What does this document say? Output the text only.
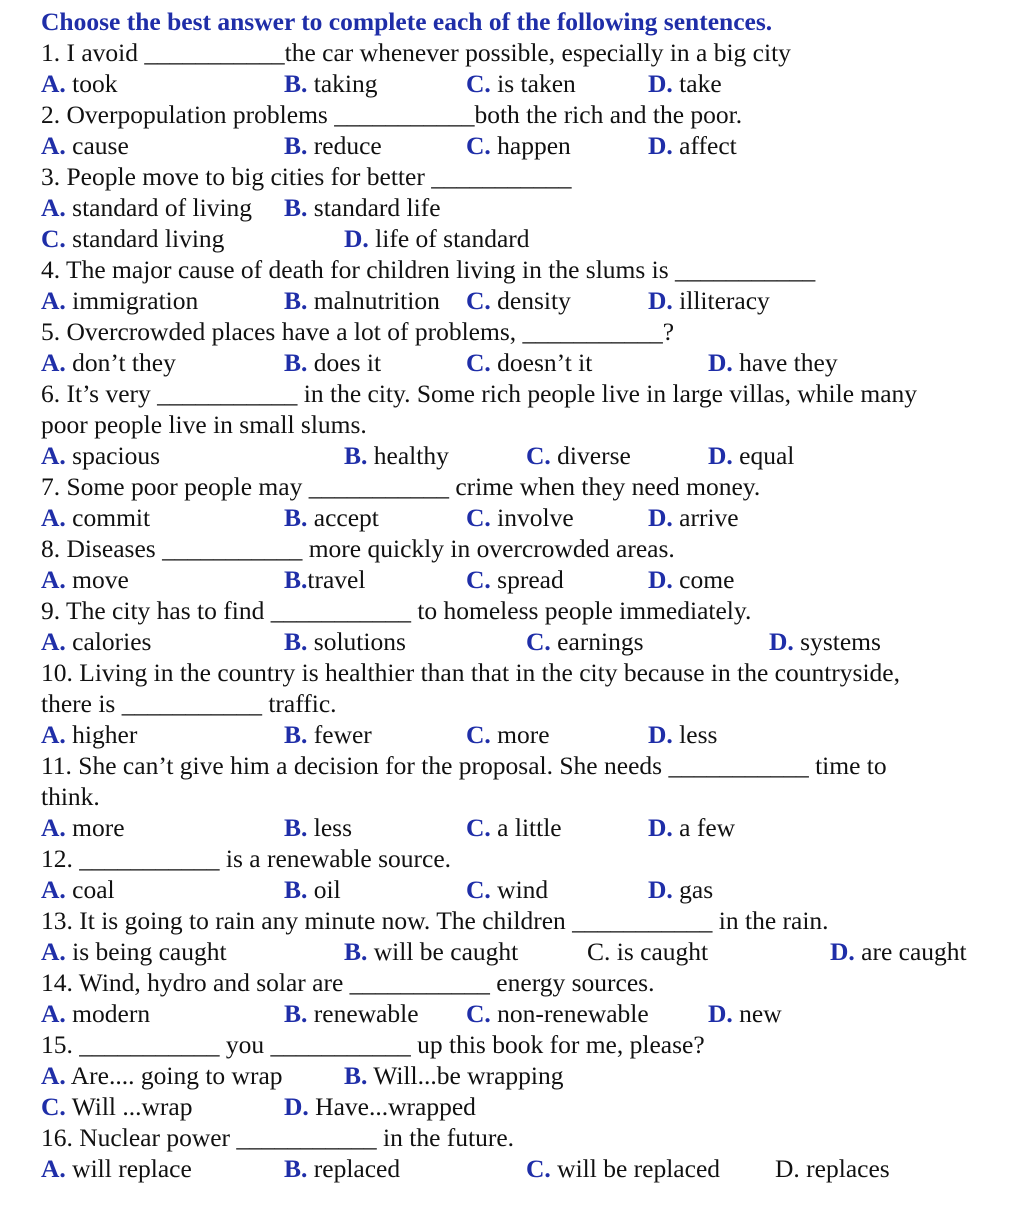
Choose the best answer to complete each of the following sentences.
1. I avoid ___________the car whenever possible, especially in a big city
A. took	B. taking	C. is taken	D. take
2. Overpopulation problems ___________both the rich and the poor.
A. cause	B. reduce	C. happen	D. affect
3. People move to big cities for better ___________
A. standard of living B. standard life
C. standard living	D. life of standard
4. The major cause of death for children living in the slums is ___________
A. immigration	B. malnutrition C. density	D. illiteracy
5. Overcrowded places have a lot of problems, ___________?
A. don’t they	B. does it	C. doesn’t it	D. have they
6. It’s very ___________ in the city. Some rich people live in large villas, while many
poor people live in small slums.
A. spacious	B. healthy	C. diverse	D. equal
7. Some poor people may ___________ crime when they need money.
A. commit	B. accept	C. involve	D. arrive
8. Diseases ___________ more quickly in overcrowded areas.
A. move	B.travel	C. spread	D. come
9. The city has to find ___________ to homeless people immediately.
A. calories	B. solutions	C. earnings	D. systems
10. Living in the country is healthier than that in the city because in the countryside,
there is ___________ traffic.
A. higher	B. fewer	C. more	D. less
11. She can’t give him a decision for the proposal. She needs ___________ time to
think.
A. more	B. less	C. a little	D. a few
12. ___________ is a renewable source.
A. coal	B. oil	C. wind	D. gas
13. It is going to rain any minute now. The children ___________ in the rain.
A. is being caught	B. will be caught	C. is caught	D. are caught
14. Wind, hydro and solar are ___________ energy sources.
A. modern	B. renewable C. non-renewable D. new
15. ___________ you ___________ up this book for me, please?
A. Are.... going to wrap B. Will...be wrapping
C. Will ...wrap	D. Have...wrapped
16. Nuclear power ___________ in the future.
A. will replace	B. replaced	C. will be replaced D. replaces
